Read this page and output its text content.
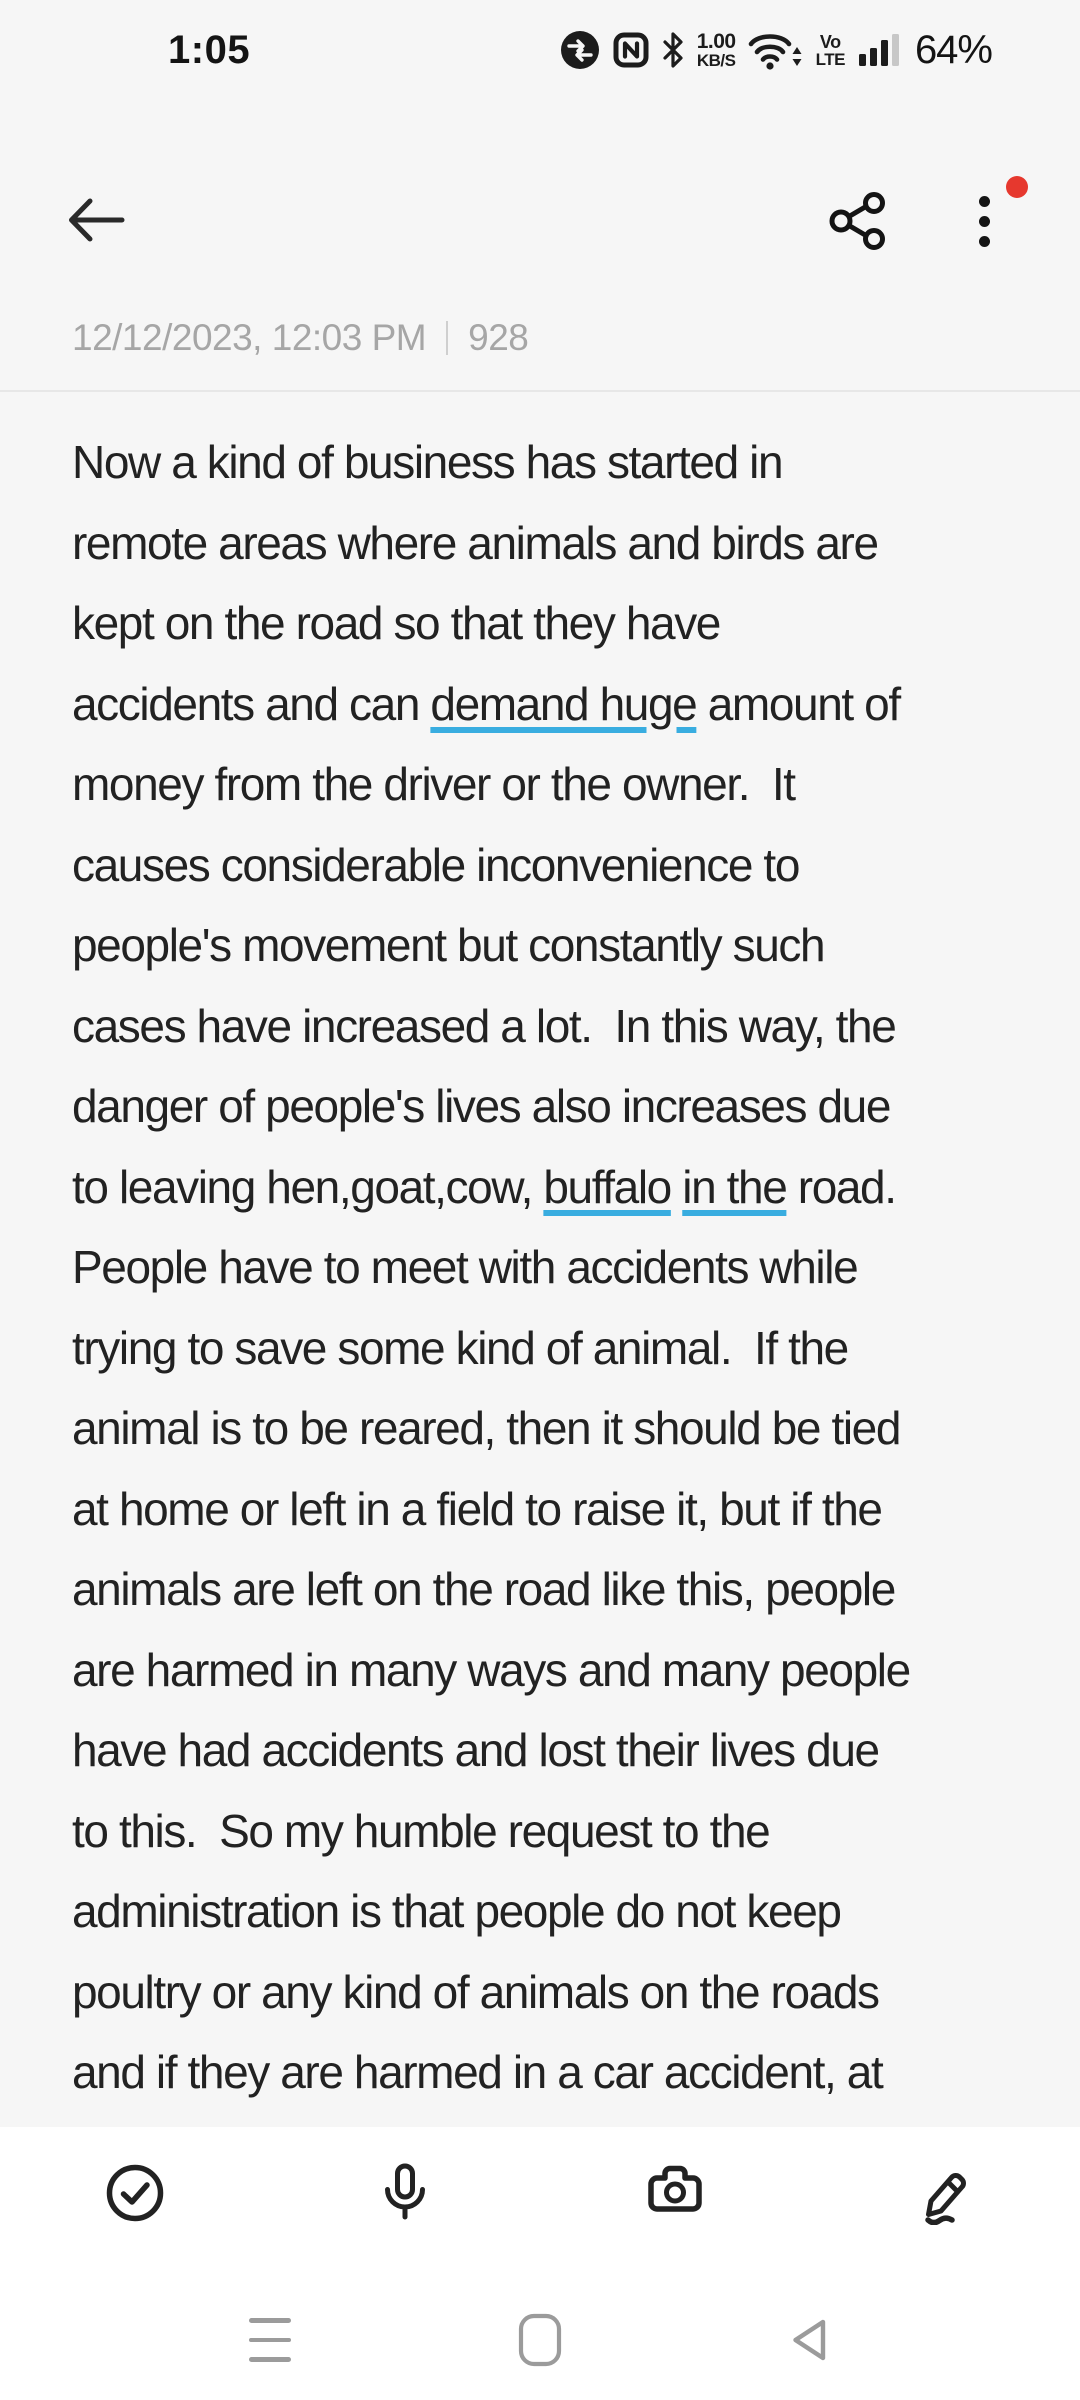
1:05	1.00
KB/S
Vo
LTE 64%
12/12/2023, 12:03 PM 928
Now a kind of business has started in
remote areas where animals and birds are
kept on the road so that they have
accidents and can demand huge amount of
money from the driver or the owner.  It
causes considerable inconvenience to
people's movement but constantly such
cases have increased a lot.  In this way, the
danger of people's lives also increases due
to leaving hen,goat,cow, buffalo in the road.
People have to meet with accidents while
trying to save some kind of animal.  If the
animal is to be reared, then it should be tied
at home or left in a field to raise it, but if the
animals are left on the road like this, people
are harmed in many ways and many people
have had accidents and lost their lives due
to this.  So my humble request to the
administration is that people do not keep
poultry or any kind of animals on the roads
and if they are harmed in a car accident, at
